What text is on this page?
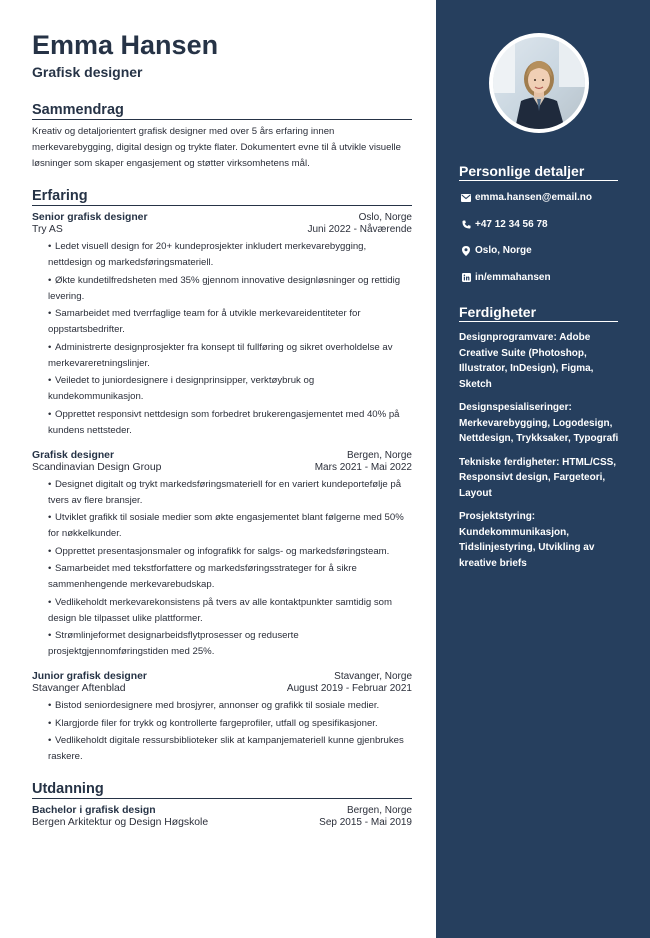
Emma Hansen
Grafisk designer
Sammendrag
Kreativ og detaljorientert grafisk designer med over 5 års erfaring innen merkevarebygging, digital design og trykte flater. Dokumentert evne til å utvikle visuelle løsninger som skaper engasjement og støtter virksomhetens mål.
Erfaring
Senior grafisk designer	Oslo, Norge
Try AS	Juni 2022 - Nåværende
• Ledet visuell design for 20+ kundeprosjekter inkludert merkevarebygging, nettdesign og markedsføringsmateriell.
• Økte kundetilfredsheten med 35% gjennom innovative designløsninger og rettidig levering.
• Samarbeidet med tverrfaglige team for å utvikle merkevareidentiteter for oppstartsbedrifter.
• Administrerte designprosjekter fra konsept til fullføring og sikret overholdelse av merkevareretningslinjer.
• Veiledet to juniordesignere i designprinsipper, verktøybruk og kundekommunikasjon.
• Opprettet responsivt nettdesign som forbedret brukerengasjementet med 40% på kundens nettsteder.
Grafisk designer	Bergen, Norge
Scandinavian Design Group	Mars 2021 - Mai 2022
• Designet digitalt og trykt markedsføringsmateriell for en variert kundeportefølje på tvers av flere bransjer.
• Utviklet grafikk til sosiale medier som økte engasjementet blant følgerne med 50% for nøkkelkunder.
• Opprettet presentasjonsmaler og infografikk for salgs- og markedsføringsteam.
• Samarbeidet med tekstforfattere og markedsføringsstrateger for å sikre sammenhengende merkevarebudskap.
• Vedlikeholdt merkevarekonsistens på tvers av alle kontaktpunkter samtidig som design ble tilpasset ulike plattformer.
• Strømlinjeformet designarbeidsflytprosesser og reduserte prosjektgjennomføringstiden med 25%.
Junior grafisk designer	Stavanger, Norge
Stavanger Aftenblad	August 2019 - Februar 2021
• Bistod seniordesignere med brosjyrer, annonser og grafikk til sosiale medier.
• Klargjorde filer for trykk og kontrollerte fargeprofiler, utfall og spesifikasjoner.
• Vedlikeholdt digitale ressursbiblioteker slik at kampanjemateriell kunne gjenbrukes raskere.
Utdanning
Bachelor i grafisk design	Bergen, Norge
Bergen Arkitektur og Design Høgskole	Sep 2015 - Mai 2019
Personlige detaljer
emma.hansen@email.no
+47 12 34 56 78
Oslo, Norge
in/emmahansen
Ferdigheter
Designprogramvare: Adobe Creative Suite (Photoshop, Illustrator, InDesign), Figma, Sketch
Designspesialiseringer: Merkevarebygging, Logodesign, Nettdesign, Trykksaker, Typografi
Tekniske ferdigheter: HTML/CSS, Responsivt design, Fargeteori, Layout
Prosjektstyring: Kundekommunikasjon, Tidslinjestyring, Utvikling av kreative briefs
